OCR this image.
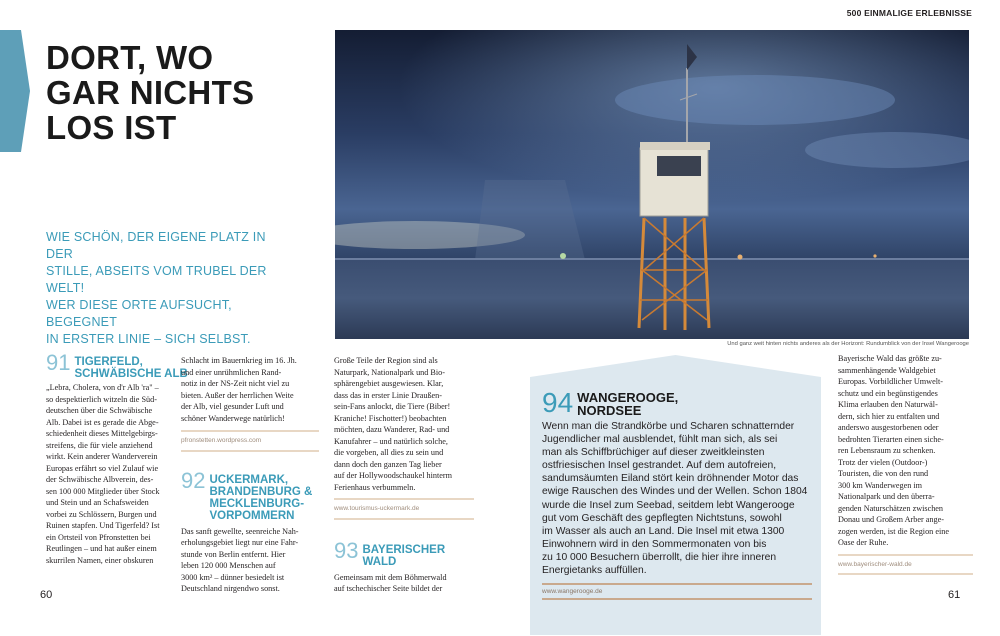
500 EINMALIGE ERLEBNISSE
DORT, WO
GAR NICHTS
LOS IST
WIE SCHÖN, DER EIGENE PLATZ IN DER
STILLE, ABSEITS VOM TRUBEL DER WELT!
WER DIESE ORTE AUFSUCHT, BEGEGNET
IN ERSTER LINIE – SICH SELBST.	Und ganz weit hinten nichts anderes als der Horizont: Rundumblick von der Insel Wangerooge
91 TIGERFELD,
SCHWÄBISCHE ALB

„Lebra, Cholera, von d'r Alb 'ra" –
so despektierlich witzeln die Süd-
deutschen über die Schwäbische
Alb. Dabei ist es gerade die Abge-
schiedenheit dieses Mittelgebirgs-
streifens, die für viele anziehend
wirkt. Kein anderer Wanderverein
Europas erfährt so viel Zulauf wie
der Schwäbische Albverein, des-
sen 100 000 Mitglieder über Stock
und Stein und an Schafsweiden
vorbei zu Schlössern, Burgen und
Ruinen stapfen. Und Tigerfeld? Ist
ein Ortsteil von Pfronstetten bei
Reutlingen – und hat außer einem
skurrilen Namen, einer obskuren

Schlacht im Bauernkrieg im 16. Jh.
und einer unrühmlichen Rand-
notiz in der NS-Zeit nicht viel zu
bieten. Außer der herrlichen Weite
der Alb, viel gesunder Luft und
schöner Wanderwege natürlich!

pfronstetten.wordpress.com
92 UCKERMARK,
BRANDENBURG &
MECKLENBURG-
VORPOMMERN

Das sanft gewellte, seenreiche Nah-
erholungsgebiet liegt nur eine Fahr-
stunde von Berlin entfernt. Hier
leben 120 000 Menschen auf
3000 km² – dünner besiedelt ist
Deutschland nirgendwo sonst.

Große Teile der Region sind als
Naturpark, Nationalpark und Bio-
sphärengebiet ausgewiesen. Klar,
dass das in erster Linie Draußen-
sein-Fans anlockt, die Tiere (Biber!
Kraniche! Fischotter!) beobachten
möchten, dazu Wanderer, Rad- und
Kanufahrer – und natürlich solche,
die vorgeben, all dies zu sein und
dann doch den ganzen Tag lieber
auf der Hollywoodschaukel hinterm
Ferienhaus verbummeln.

www.tourismus-uckermark.de
93 BAYERISCHER
WALD

Gemeinsam mit dem Böhmerwald
auf tschechischer Seite bildet der

94 WANGEROOGE,
NORDSEE

Wenn man die Strandkörbe und Scharen schnatternder
Jugendlicher mal ausblendet, fühlt man sich, als sei
man als Schiffbrüchiger auf dieser zweitkleinsten
ostfriesischen Insel gestrandet. Auf dem autofreien,
sandumsäumten Eiland stört kein dröhnender Motor das
ewige Rauschen des Windes und der Wellen. Schon 1804
wurde die Insel zum Seebad, seitdem lebt Wangerooge
gut vom Geschäft des gepflegten Nichtstuns, sowohl
im Wasser als auch an Land. Die Insel mit etwa 1300
Einwohnern wird in den Sommermonaten von bis
zu 10 000 Besuchern überrollt, die hier ihre inneren
Energietanks auffüllen.

www.wangerooge.de

Bayerische Wald das größte zu-
sammenhängende Waldgebiet
Europas. Vorbildlicher Umwelt-
schutz und ein begünstigendes
Klima erlauben den Naturwäl-
dern, sich hier zu entfalten und
anderswo ausgestorbenen oder
bedrohten Tierarten einen siche-
ren Lebensraum zu schenken.
Trotz der vielen (Outdoor-)
Touristen, die von den rund
300 km Wanderwegen im
Nationalpark und den überra-
genden Naturschätzen zwischen
Donau und Großem Arber ange-
zogen werden, ist die Region eine
Oase der Ruhe.

www.bayerischer-wald.de
60	61
